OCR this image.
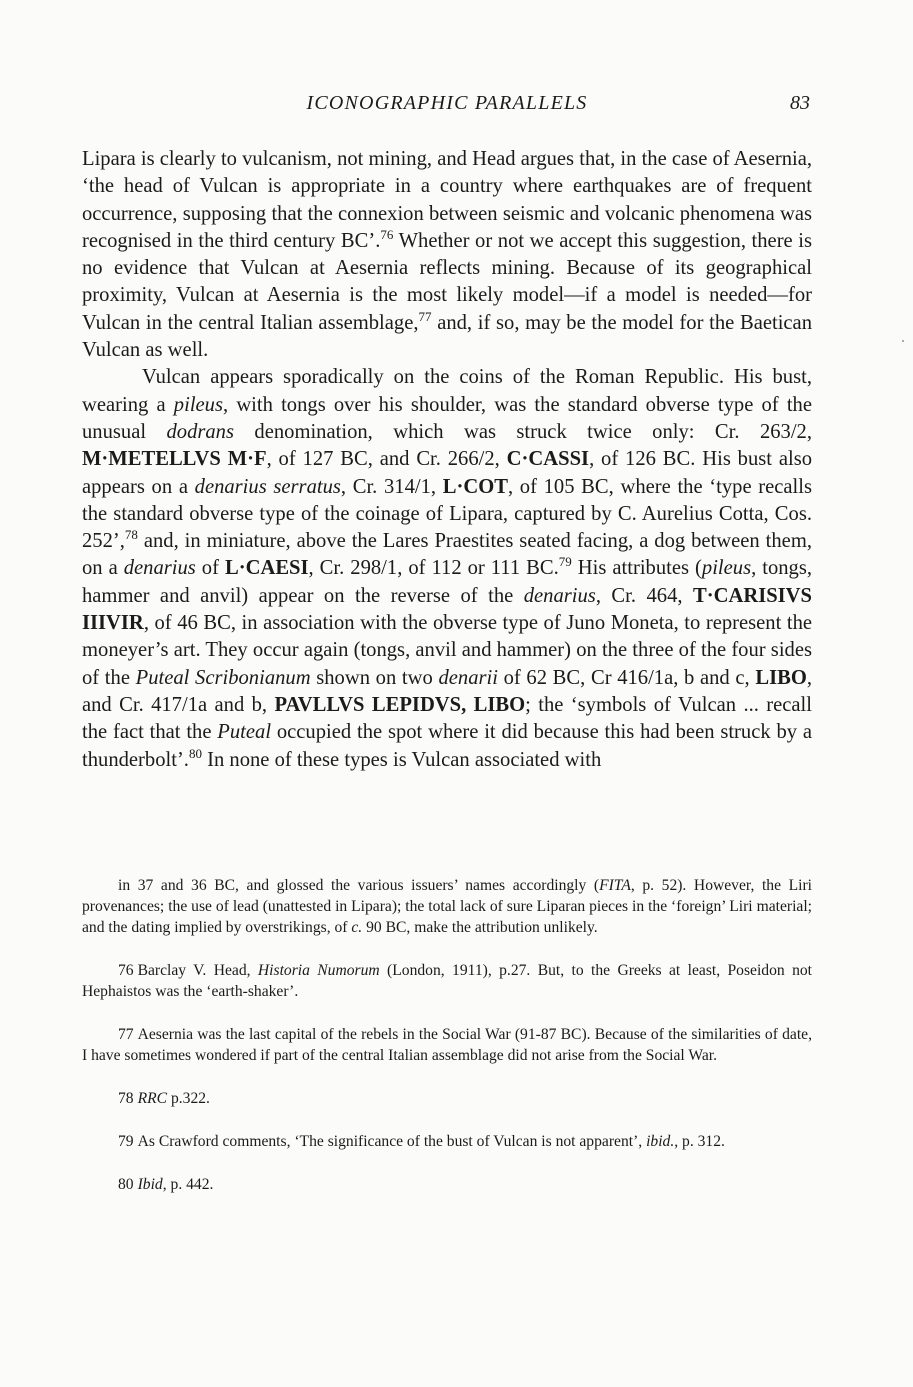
ICONOGRAPHIC PARALLELS	83

Lipara is clearly to vulcanism, not mining, and Head argues that, in the case of Aesernia, ‘the head of Vulcan is appropriate in a country where earthquakes are of frequent occurrence, supposing that the connexion between seismic and volcanic phenomena was recognised in the third century BC’.$^{76}$ Whether or not we accept this suggestion, there is no evidence that Vulcan at Aesernia reflects mining. Because of its geographical proximity, Vulcan at Aesernia is the most likely model—if a model is needed—for Vulcan in the central Italian assemblage,$^{77}$ and, if so, may be the model for the Baetican Vulcan as well.

Vulcan appears sporadically on the coins of the Roman Republic. His bust, wearing a pileus, with tongs over his shoulder, was the standard obverse type of the unusual dodrans denomination, which was struck twice only: Cr. 263/2, M·METELLVS M·F, of 127 BC, and Cr. 266/2, C·CASSI, of 126 BC. His bust also appears on a denarius serratus, Cr. 314/1, L·COT, of 105 BC, where the ‘type recalls the standard obverse type of the coinage of Lipara, captured by C. Aurelius Cotta, Cos. 252’,$^{78}$ and, in miniature, above the Lares Praestites seated facing, a dog between them, on a denarius of L·CAESI, Cr. 298/1, of 112 or 111 BC.$^{79}$ His attributes (pileus, tongs, hammer and anvil) appear on the reverse of the denarius, Cr. 464, T·CARISIVS IIIVIR, of 46 BC, in association with the obverse type of Juno Moneta, to represent the moneyer’s art. They occur again (tongs, anvil and hammer) on the three of the four sides of the Puteal Scribonianum shown on two denarii of 62 BC, Cr 416/1a, b and c, LIBO, and Cr. 417/1a and b, PAVLLVS LEPIDVS, LIBO; the ‘symbols of Vulcan ... recall the fact that the Puteal occupied the spot where it did because this had been struck by a thunderbolt’.$^{80}$ In none of these types is Vulcan associated with

in 37 and 36 BC, and glossed the various issuers’ names accordingly (FITA, p. 52). However, the Liri provenances; the use of lead (unattested in Lipara); the total lack of sure Liparan pieces in the ‘foreign’ Liri material; and the dating implied by overstrikings, of c. 90 BC, make the attribution unlikely.

76 Barclay V. Head, Historia Numorum (London, 1911), p.27. But, to the Greeks at least, Poseidon not Hephaistos was the ‘earth-shaker’.

77 Aesernia was the last capital of the rebels in the Social War (91-87 BC). Because of the similarities of date, I have sometimes wondered if part of the central Italian assemblage did not arise from the Social War.

78 RRC p.322.

79 As Crawford comments, ‘The significance of the bust of Vulcan is not apparent’, ibid., p. 312.

80 Ibid, p. 442.
